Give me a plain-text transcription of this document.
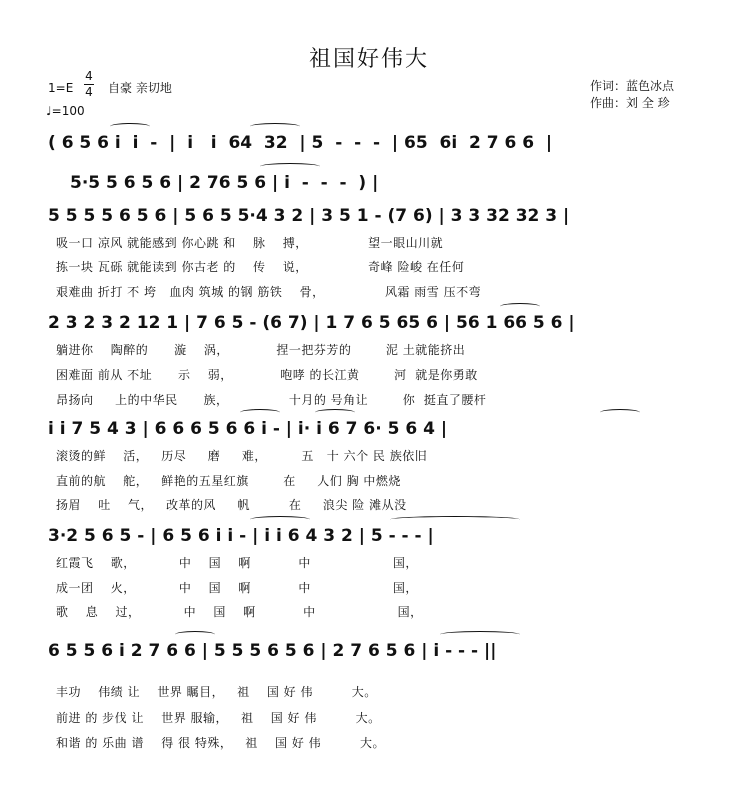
祖国好伟大
1=E
4
4 自豪 亲切地
♩=100
作词：蓝色冰点
作曲：刘 全 珍
( 6 5 6 i  i  -  |  i   i  64  32  | 5  -  -  -  | 65  6i  2 7 6 6  |
5·5 5 6 5 6 | 2 76 5 6 | i  -  -  -  ) |
5 5 5 5 6 5 6 | 5 6 5 5·4 3 2 | 3 5 1 - (7 6) | 3 3 32 32 3 |
吸一口 凉风 就能感到 你心跳 和    脉    搏，              望一眼山川就
拣一块 瓦砾 就能读到 你古老 的    传    说，              奇峰 险峻 在任何
艰难曲 折打 不 垮   血肉 筑城 的钢 筋铁    骨，              风霜 雨雪 压不弯
2 3 2 3 2 12 1 | 7 6 5 - (6 7) | 1 7 6 5 65 6 | 56 1 66 5 6 |
躺进你    陶醉的      漩    涡，           捏一把芬芳的        泥 土就能挤出
困难面 前从 不址      示    弱，           咆哮 的长江黄        河  就是你勇敢
昂扬向     上的中华民      族，              十月的 号角让        你  挺直了腰杆
i i 7 5 4 3 | 6 6 6 5 6 6 i - | i· i 6 7 6· 5 6 4 |
滚烫的鲜    活，   历尽     磨     难，        五   十 六个 民 族依旧
直前的航    舵，   鲜艳的五星红旗        在     人们 胸 中燃烧
扬眉    吐    气，   改革的风     帆         在     浪尖 险 滩从没
3·2 5 6 5 - | 6 5 6 i i - | i i 6 4 3 2 | 5 - - - |
红霞飞    歌，          中    国    啊           中                   国，
成一团    火，          中    国    啊           中                   国，
歌    息    过，          中    国    啊           中                   国，
6 5 5 6 i 2 7 6 6 | 5 5 5 6 5 6 | 2 7 6 5 6 | i - - - ||
丰功    伟绩 让    世界 瞩目，   祖    国 好 伟         大。
前进 的 步伐 让    世界 服输，   祖    国 好 伟         大。
和谐 的 乐曲 谱    得 很 特殊，   祖    国 好 伟         大。
